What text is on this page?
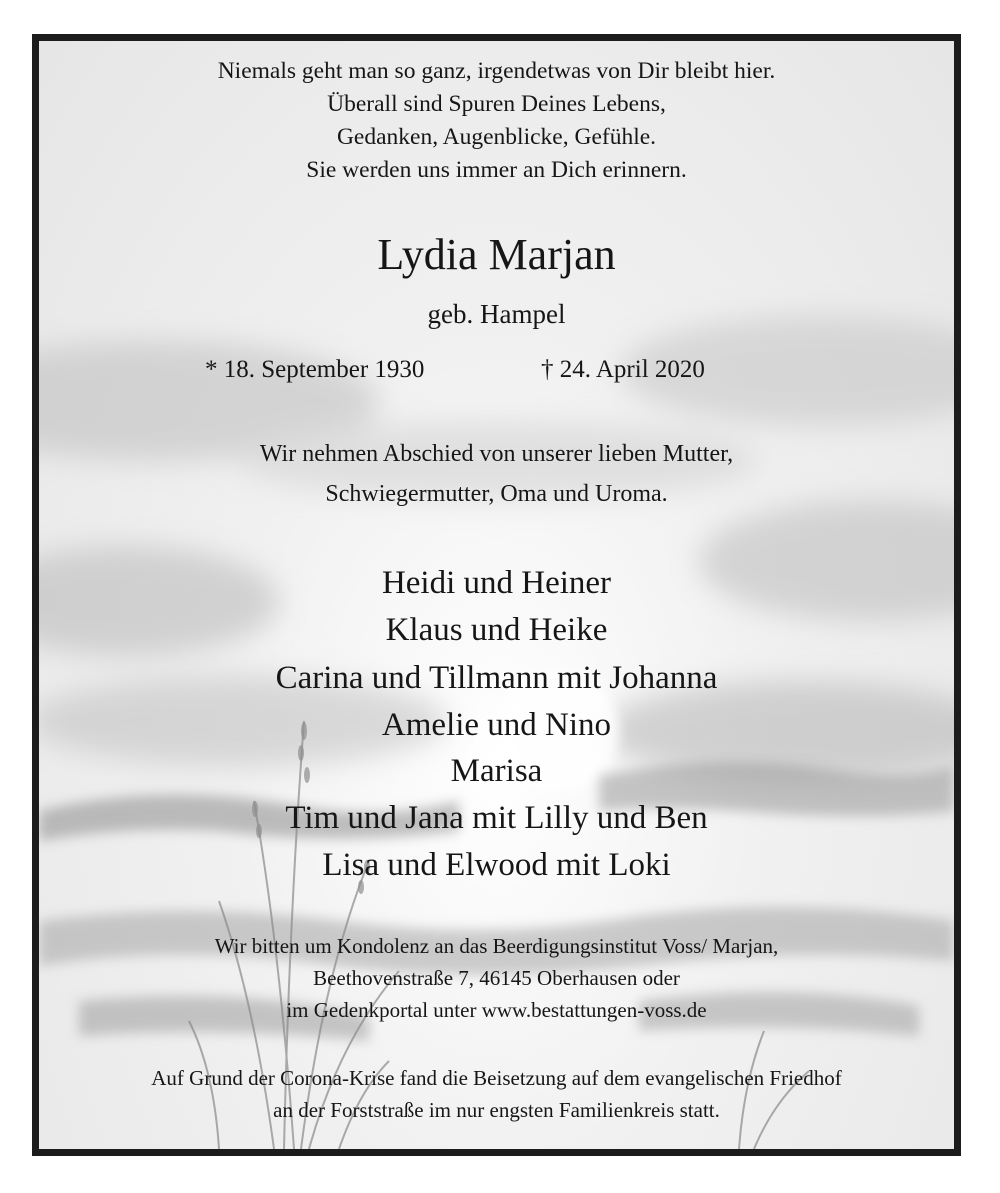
Niemals geht man so ganz, irgendetwas von Dir bleibt hier.
Überall sind Spuren Deines Lebens,
Gedanken, Augenblicke, Gefühle.
Sie werden uns immer an Dich erinnern.
Lydia Marjan
geb. Hampel
* 18. September 1930	† 24. April 2020
Wir nehmen Abschied von unserer lieben Mutter,
Schwiegermutter, Oma und Uroma.
Heidi und Heiner
Klaus und Heike
Carina und Tillmann mit Johanna
Amelie und Nino
Marisa
Tim und Jana mit Lilly und Ben
Lisa und Elwood mit Loki
Wir bitten um Kondolenz an das Beerdigungsinstitut Voss/ Marjan,
Beethovenstraße 7, 46145 Oberhausen oder
im Gedenkportal unter www.bestattungen-voss.de
Auf Grund der Corona-Krise fand die Beisetzung auf dem evangelischen Friedhof
an der Forststraße im nur engsten Familienkreis statt.
